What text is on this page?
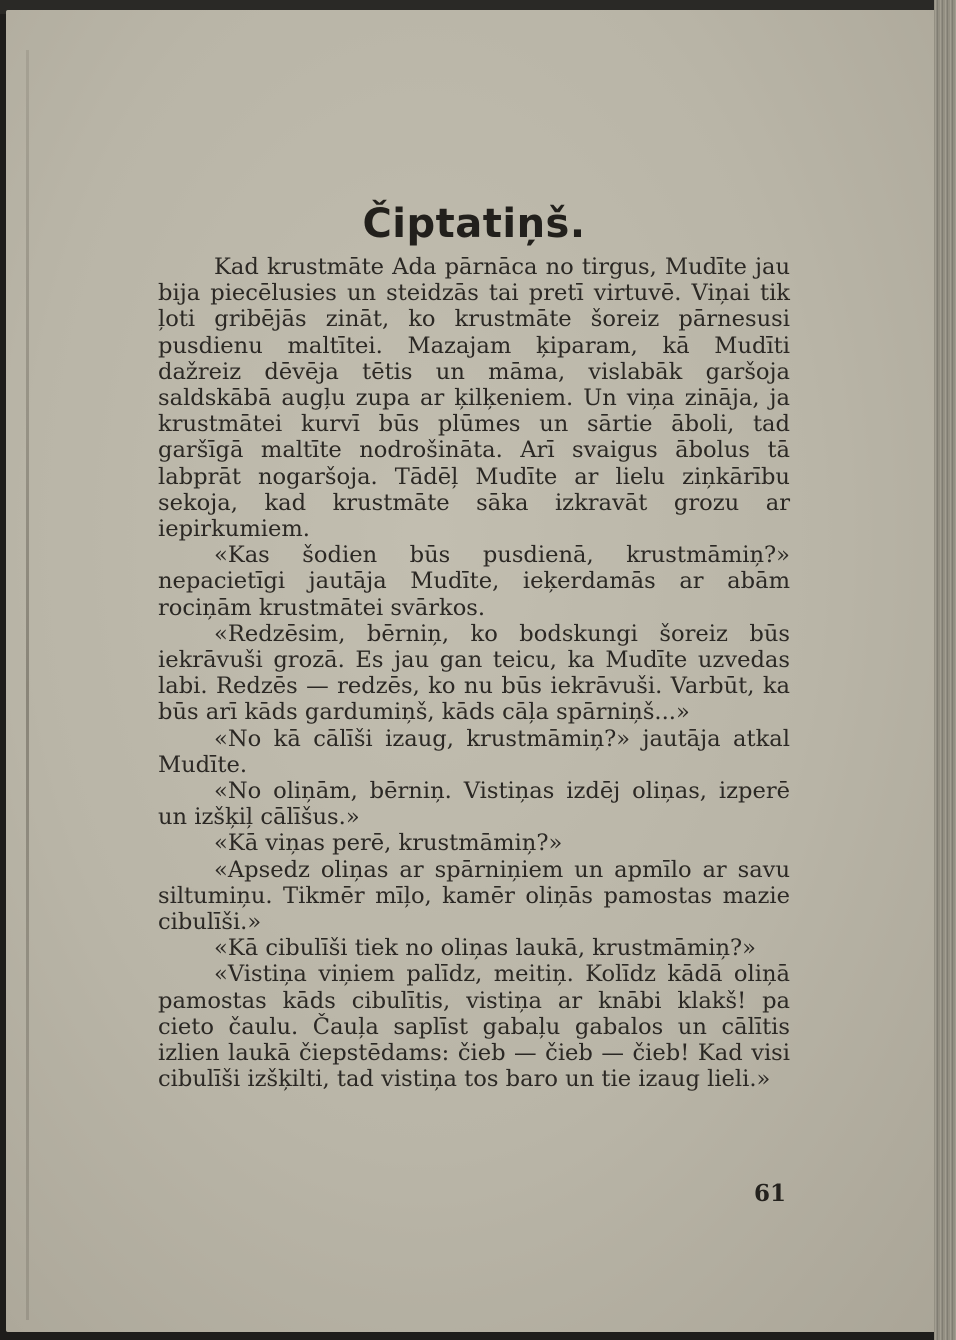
Čiptatiņš.

Kad krustmāte Ada pārnāca no tirgus, Mudīte jau bija piecēlusies un steidzās tai pretī virtuvē. Viņai tik ļoti gribējās zināt, ko krustmāte šoreiz pārnesusi pusdienu maltītei. Mazajam ķiparam, kā Mudīti dažreiz dēvēja tētis un māma, vislabāk garšoja saldskābā augļu zupa ar ķilķeniem. Un viņa zināja, ja krustmātei kurvī būs plūmes un sārtie āboli, tad garšīgā maltīte nodrošināta. Arī svaigus ābolus tā labprāt nogaršoja. Tādēļ Mudīte ar lielu ziņkārību sekoja, kad krustmāte sāka izkravāt grozu ar iepirkumiem.

«Kas šodien būs pusdienā, krustmāmiņ?» nepacietīgi jautāja Mudīte, ieķerdamās ar abām rociņām krustmātei svārkos.

«Redzēsim, bērniņ, ko bodskungi šoreiz būs iekrāvuši grozā. Es jau gan teicu, ka Mudīte uzvedas labi. Redzēs — redzēs, ko nu būs iekrāvuši. Varbūt, ka būs arī kāds gardumiņš, kāds cāļa spārniņš...»

«No kā cālīši izaug, krustmāmiņ?» jautāja atkal Mudīte.

«No oliņām, bērniņ. Vistiņas izdēj oliņas, izperē un izšķiļ cālīšus.»

«Kā viņas perē, krustmāmiņ?»

«Apsedz oliņas ar spārniņiem un apmīlo ar savu siltumiņu. Tikmēr mīļo, kamēr oliņās pamostas mazie cibulīši.»

«Kā cibulīši tiek no oliņas laukā, krustmāmiņ?»

«Vistiņa viņiem palīdz, meitiņ. Kolīdz kādā oliņā pamostas kāds cibulītis, vistiņa ar knābi klakš! pa cieto čaulu. Čauļa saplīst gabaļu gabalos un cālītis izlien laukā čiepstēdams: čieb — čieb — čieb! Kad visi cibulīši izšķilti, tad vistiņa tos baro un tie izaug lieli.»

61
